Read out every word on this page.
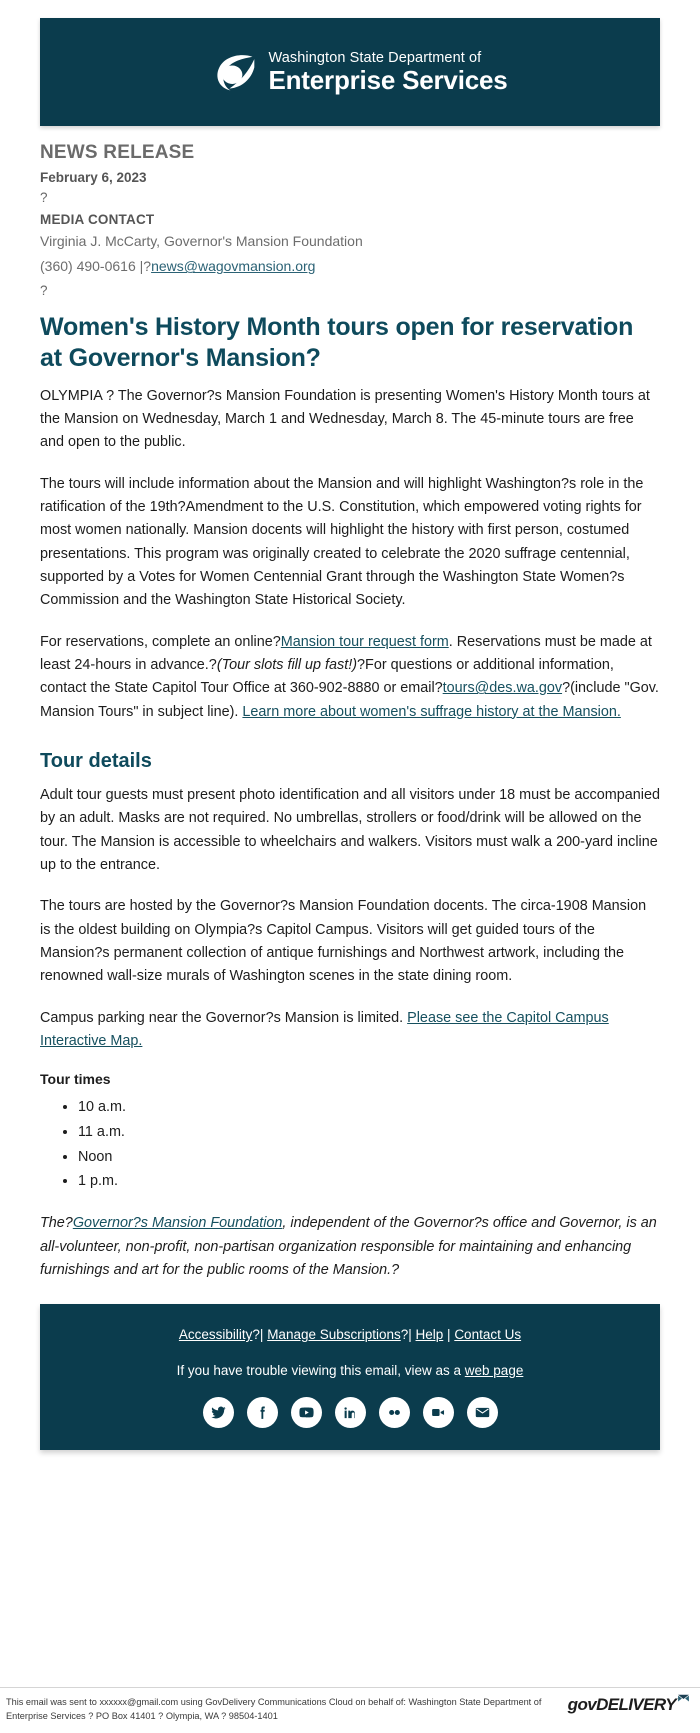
Washington State Department of
Enterprise Services
NEWS RELEASE
February 6, 2023
?
MEDIA CONTACT
Virginia J. McCarty, Governor's Mansion Foundation
(360) 490-0616 |?news@wagovmansion.org
?
Women's History Month tours open for reservation at Governor's Mansion?

OLYMPIA ? The Governor?s Mansion Foundation is presenting Women's History Month tours at the Mansion on Wednesday, March 1 and Wednesday, March 8. The 45-minute tours are free and open to the public.

The tours will include information about the Mansion and will highlight Washington?s role in the ratification of the 19th?Amendment to the U.S. Constitution, which empowered voting rights for most women nationally. Mansion docents will highlight the history with first person, costumed presentations. This program was originally created to celebrate the 2020 suffrage centennial, supported by a Votes for Women Centennial Grant through the Washington State Women?s Commission and the Washington State Historical Society.

For reservations, complete an online?Mansion tour request form. Reservations must be made at least 24-hours in advance.?(Tour slots fill up fast!)?For questions or additional information, contact the State Capitol Tour Office at 360-902-8880 or email?tours@des.wa.gov?(include "Gov. Mansion Tours" in subject line). Learn more about women's suffrage history at the Mansion.

Tour details

Adult tour guests must present photo identification and all visitors under 18 must be accompanied by an adult. Masks are not required. No umbrellas, strollers or food/drink will be allowed on the tour. The Mansion is accessible to wheelchairs and walkers. Visitors must walk a 200-yard incline up to the entrance.

The tours are hosted by the Governor?s Mansion Foundation docents. The circa-1908 Mansion is the oldest building on Olympia?s Capitol Campus. Visitors will get guided tours of the Mansion?s permanent collection of antique furnishings and Northwest artwork, including the renowned wall-size murals of Washington scenes in the state dining room.

Campus parking near the Governor?s Mansion is limited. Please see the Capitol Campus Interactive Map.

Tour times
• 10 a.m.
• 11 a.m.
• Noon
• 1 p.m.

The?Governor?s Mansion Foundation, independent of the Governor?s office and Governor, is an all-volunteer, non-profit, non-partisan organization responsible for maintaining and enhancing furnishings and art for the public rooms of the Mansion.?

Accessibility?| Manage Subscriptions?| Help | Contact Us
If you have trouble viewing this email, view as a web page
This email was sent to xxxxxx@gmail.com using GovDelivery Communications Cloud on behalf of: Washington State Department of Enterprise Services ? PO Box 41401 ? Olympia, WA ? 98504-1401
govDELIVERY
